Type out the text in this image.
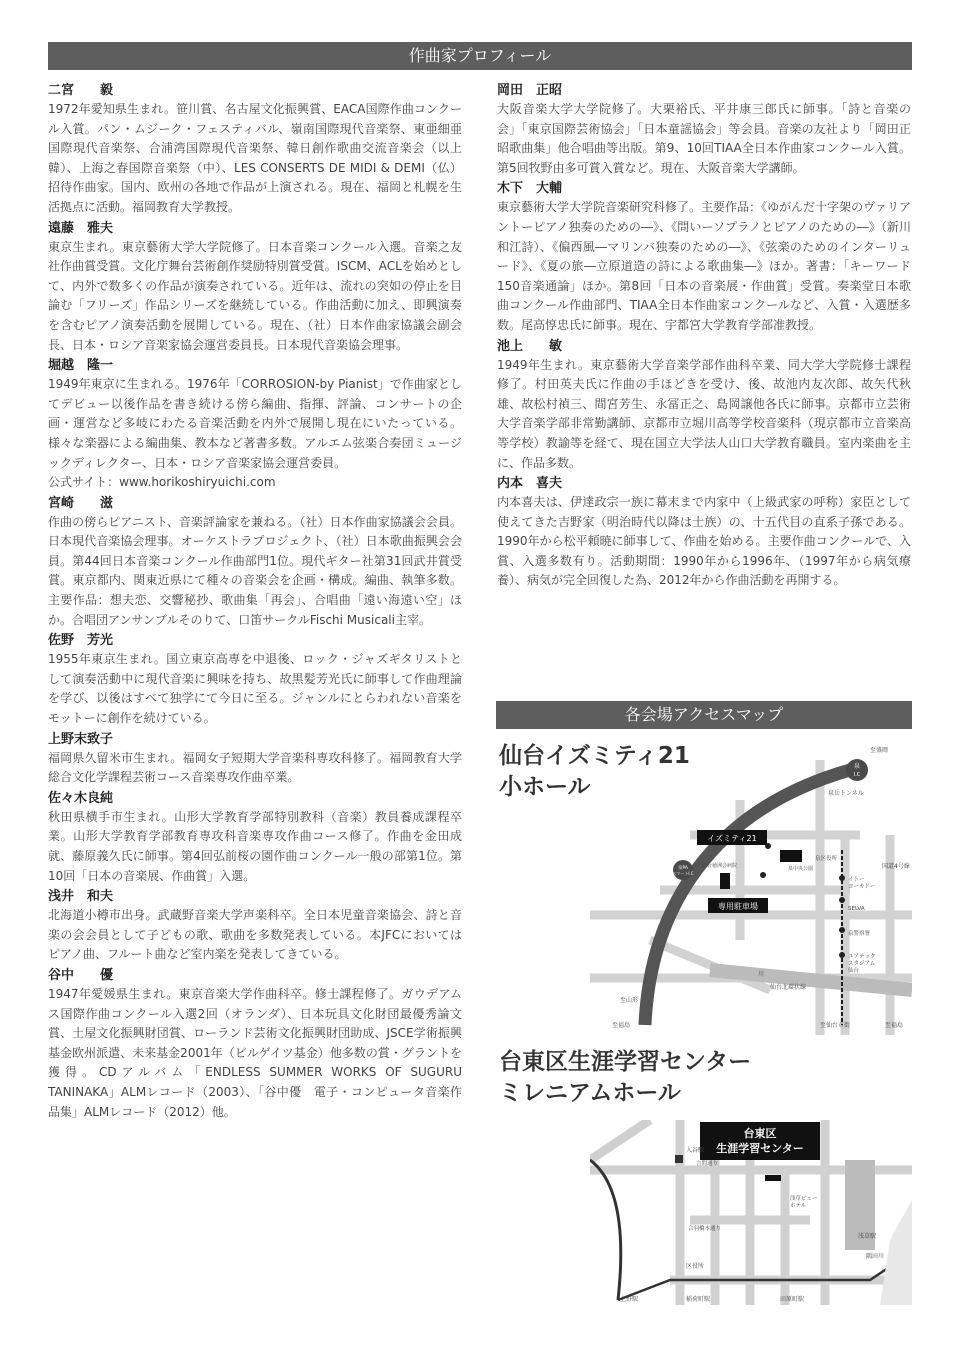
作曲家プロフィール
各会場アクセスマップ
二宮　　毅

1972年愛知県生まれ。笹川賞、名古屋文化振興賞、EACA国際作曲コンクール入賞。パン・ムジーク・フェスティバル、嶺南国際現代音楽祭、東亜細亜国際現代音楽祭、合浦湾国際現代音楽祭、韓日創作歌曲交流音楽会（以上韓）、上海之春国際音楽祭（中）、LES CONSERTS DE MIDI & DEMI（仏）招待作曲家。国内、欧州の各地で作品が上演される。現在、福岡と札幌を生活拠点に活動。福岡教育大学教授。

遠藤　雅夫

東京生まれ。東京藝術大学大学院修了。日本音楽コンクール入選。音楽之友社作曲賞受賞。文化庁舞台芸術創作奨励特別賞受賞。ISCM、ACLを始めとして、内外で数多くの作品が演奏されている。近年は、流れの突如の停止を目論む「フリーズ」作品シリーズを継続している。作曲活動に加え、即興演奏を含むピアノ演奏活動を展開している。現在、（社）日本作曲家協議会副会長、日本・ロシア音楽家協会運営委員長。日本現代音楽協会理事。

堀越　隆一

1949年東京に生まれる。1976年「CORROSION-by Pianist」で作曲家としてデビュー以後作品を書き続ける傍ら編曲、指揮、評論、コンサートの企画・運営など多岐にわたる音楽活動を内外で展開し現在にいたっている。様々な楽器による編曲集、教本など著書多数。アルエム弦楽合奏団ミュージックディレクター、日本・ロシア音楽家協会運営委員。
公式サイト：www.horikoshiryuichi.com

宮崎　　滋

作曲の傍らピアニスト、音楽評論家を兼ねる。（社）日本作曲家協議会会員。日本現代音楽協会理事。オーケストラプロジェクト、（社）日本歌曲振興会会員。第44回日本音楽コンクール作曲部門1位。現代ギター社第31回武井賞受賞。東京都内、関東近県にて種々の音楽会を企画・構成。編曲、執筆多数。主要作品：想夫恋、交響秘抄、歌曲集「再会」、合唱曲「遠い海遠い空」ほか。合唱団アンサンブルそのりて、口笛サークルFischi Musicali主宰。

佐野　芳光

1955年東京生まれ。国立東京高専を中退後、ロック・ジャズギタリストとして演奏活動中に現代音楽に興味を持ち、故黒髪芳光氏に師事して作曲理論を学び、以後はすべて独学にて今日に至る。ジャンルにとらわれない音楽をモットーに創作を続けている。

上野末致子

福岡県久留米市生まれ。福岡女子短期大学音楽科専攻科修了。福岡教育大学総合文化学課程芸術コース音楽専攻作曲卒業。

佐々木良純

秋田県横手市生まれ。山形大学教育学部特別教科（音楽）教員養成課程卒業。山形大学教育学部教育専攻科音楽専攻作曲コース修了。作曲を金田成就、藤原義久氏に師事。第4回弘前桜の園作曲コンクール一般の部第1位。第10回「日本の音楽展、作曲賞」入選。

浅井　和夫

北海道小樽市出身。武蔵野音楽大学声楽科卒。全日本児童音楽協会、詩と音楽の会会員として子どもの歌、歌曲を多数発表している。本JFCにおいてはピアノ曲、フルート曲など室内楽を発表してきている。

谷中　　優

1947年愛媛県生まれ。東京音楽大学作曲科卒。修士課程修了。ガウデアムス国際作曲コンクール入選2回（オランダ）、日本玩具文化財団最優秀論文賞、土屋文化振興財団賞、ローランド芸術文化振興財団助成、JSCE学術振興基金欧州派遣、未来基金2001年（ビルゲイツ基金）他多数の賞・グラントを獲得。CDアルバム「ENDLESS SUMMER WORKS OF SUGURU TANINAKA」ALMレコード（2003）、「谷中優　電子・コンピュータ音楽作品集」ALMレコード（2012）他。

岡田　正昭

大阪音楽大学大学院修了。大栗裕氏、平井康三郎氏に師事。「詩と音楽の会」「東京国際芸術協会」「日本童謡協会」等会員。音楽の友社より「岡田正昭歌曲集」他合唱曲等出版。第9、10回TIAA全日本作曲家コンクール入賞。第5回牧野由多可賞入賞など。現在、大阪音楽大学講師。

木下　大輔

東京藝術大学大学院音楽研究科修了。主要作品：《ゆがんだ十字架のヴァリアントーピアノ独奏のための―》、《問いーソプラノとピアノのための―》（新川和江詩）、《偏西風―マリンバ独奏のための―》、《弦楽のためのインターリュード》、《夏の旅―立原道造の詩による歌曲集―》ほか。著書：「キーワード150音楽通論」ほか。第8回「日本の音楽展・作曲賞」受賞。奏楽堂日本歌曲コンクール作曲部門、TIAA全日本作曲家コンクールなど、入賞・入選歴多数。尾高惇忠氏に師事。現在、宇都宮大学教育学部准教授。

池上　　敏

1949年生まれ。東京藝術大学音楽学部作曲科卒業、同大学大学院修士課程修了。村田英夫氏に作曲の手ほどきを受け、後、故池内友次郎、故矢代秋雄、故松村禎三、間宮芳生、永冨正之、島岡譲他各氏に師事。京都市立芸術大学音楽学部非常勤講師、京都市立堀川高等学校音楽科（現京都市立音楽高等学校）教諭等を経て、現在国立大学法人山口大学教育職員。室内楽曲を主に、作品多数。

内本　喜夫

内本喜夫は、伊達政宗一族に幕末まで内家中（上級武家の呼称）家臣として使えてきた吉野家（明治時代以降は士族）の、十五代目の直系子孫である。1990年から松平頼暁に師事して、作曲を始める。主要作曲コンクールで、入賞、入選多数有り。活動期間：1990年から1996年、（1997年から病気療養）、病気が完全回復した為、2012年から作曲活動を再開する。

仙台イズミティ21
小ホール
台東区生涯学習センター
ミレニアムホール
泉
I.C
泉PA
スマートI.C
イズミティ21
専用駐車場
至盛岡
泉中央公園
仙台徳洲会病院
泉区役所
イトー
ヨーカドー
SELVA
泉警察署
ユアテック
スタジアム
仙台
仙台北環状線
至山形
至福島	至仙台市街	至福島
川
国道4号線
泉岳トンネル
台東区
生涯学習センター
入谷駅
言問通り
浅草駅
隅田川
区役所
上野駅	稲荷町駅	田原町駅
浅草ビュー
ホテル
合羽橋本通り
